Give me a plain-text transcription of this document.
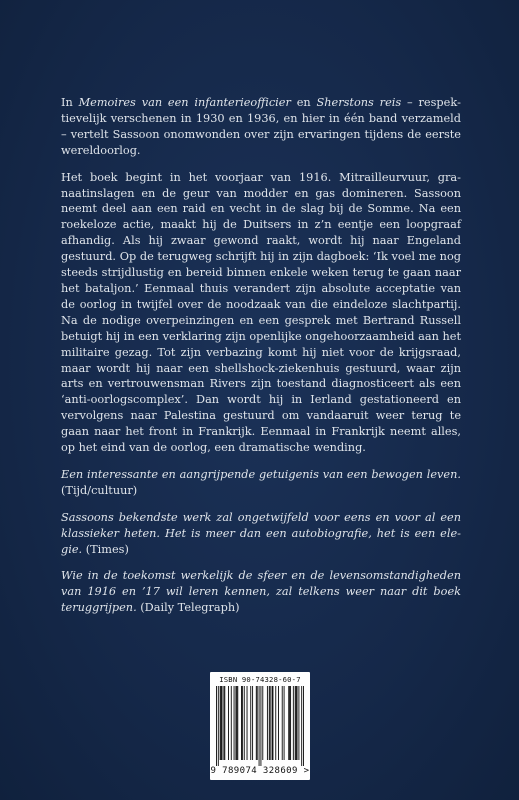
In Memoires van een infanterieofficier en Sherstons reis – respektievelijk verschenen in 1930 en 1936, en hier in één band verzameld – vertelt Sassoon onomwonden over zijn ervaringen tijdens de eerste wereldoorlog.

Het boek begint in het voorjaar van 1916. Mitrailleurvuur, granaatinslagen en de geur van modder en gas domineren. Sassoon neemt deel aan een raid en vecht in de slag bij de Somme. Na een roekeloze actie, maakt hij de Duitsers in z’n eentje een loopgraaf afhandig. Als hij zwaar gewond raakt, wordt hij naar Engeland gestuurd. Op de terugweg schrijft hij in zijn dagboek: ‘Ik voel me nog steeds strijdlustig en bereid binnen enkele weken terug te gaan naar het bataljon.’ Eenmaal thuis verandert zijn absolute acceptatie van de oorlog in twijfel over de noodzaak van die eindeloze slachtpartij. Na de nodige overpeinzingen en een gesprek met Bertrand Russell betuigt hij in een verklaring zijn openlijke ongehoorzaamheid aan het militaire gezag. Tot zijn verbazing komt hij niet voor de krijgsraad, maar wordt hij naar een shellshock-ziekenhuis gestuurd, waar zijn arts en vertrouwensman Rivers zijn toestand diagnosticeert als een ‘anti-oorlogscomplex’. Dan wordt hij in Ierland gestationeerd en vervolgens naar Palestina gestuurd om vandaaruit weer terug te gaan naar het front in Frankrijk. Eenmaal in Frankrijk neemt alles, op het eind van de oorlog, een dramatische wending.

Een interessante en aangrijpende getuigenis van een bewogen leven. (Tijd/cultuur)

Sassoons bekendste werk zal ongetwijfeld voor eens en voor al een klassieker heten. Het is meer dan een autobiografie, het is een elegie. (Times)

Wie in de toekomst werkelijk de sfeer en de levensomstandigheden van 1916 en ’17 wil leren kennen, zal telkens weer naar dit boek teruggrijpen. (Daily Telegraph)

ISBN 90-74328-60-7
9 789074 328609 >
